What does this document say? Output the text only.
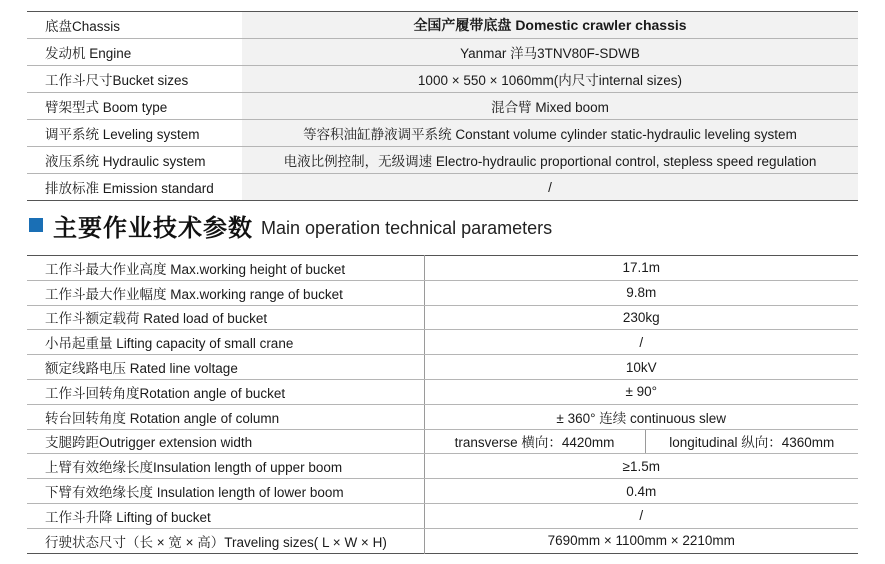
底盘Chassis	全国产履带底盘 Domestic crawler chassis
发动机 Engine	Yanmar 洋马3TNV80F-SDWB
工作斗尺寸Bucket sizes	1000 × 550 × 1060mm(内尺寸internal sizes)
臂架型式 Boom type	混合臂 Mixed boom
调平系统 Leveling system	等容积油缸静液调平系统 Constant volume cylinder static-hydraulic leveling system
液压系统 Hydraulic system	电液比例控制，无级调速 Electro-hydraulic proportional control, stepless speed regulation
排放标准 Emission standard	/
主要作业技术参数 Main operation technical parameters
工作斗最大作业高度 Max.working height of bucket	17.1m	
工作斗最大作业幅度 Max.working range of bucket	9.8m	
工作斗额定载荷 Rated load of bucket	230kg	
小吊起重量 Lifting capacity of small crane	/	
额定线路电压 Rated line voltage	10kV	
工作斗回转角度Rotation angle of bucket	± 90°	
转台回转角度 Rotation angle of column	± 360° 连续 continuous slew	
支腿跨距Outrigger extension width	transverse 横向：4420mm	longitudinal 纵向：4360mm
上臂有效绝缘长度Insulation length of upper boom	≥1.5m	
下臂有效绝缘长度 Insulation length of lower boom	0.4m	
工作斗升降 Lifting of bucket	/	
行驶状态尺寸（长 × 宽 × 高）Traveling sizes( L × W × H)	7690mm × 1100mm × 2210mm	
